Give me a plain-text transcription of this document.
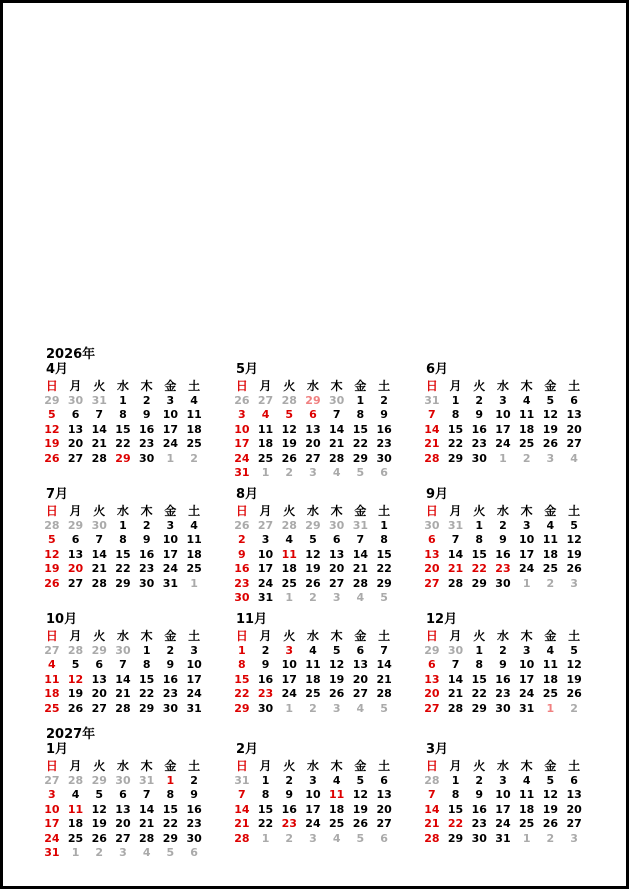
2026年
4月
日	月	火	水	木	金	土
29	30	31	1	2	3	4
5	6	7	8	9	10	11
12	13	14	15	16	17	18
19	20	21	22	23	24	25
26	27	28	29	30	1	2
5月
日	月	火	水	木	金	土
26	27	28	29	30	1	2
3	4	5	6	7	8	9
10	11	12	13	14	15	16
17	18	19	20	21	22	23
24	25	26	27	28	29	30
31	1	2	3	4	5	6
6月
日	月	火	水	木	金	土
31	1	2	3	4	5	6
7	8	9	10	11	12	13
14	15	16	17	18	19	20
21	22	23	24	25	26	27
28	29	30	1	2	3	4
7月
日	月	火	水	木	金	土
28	29	30	1	2	3	4
5	6	7	8	9	10	11
12	13	14	15	16	17	18
19	20	21	22	23	24	25
26	27	28	29	30	31	1
8月
日	月	火	水	木	金	土
26	27	28	29	30	31	1
2	3	4	5	6	7	8
9	10	11	12	13	14	15
16	17	18	19	20	21	22
23	24	25	26	27	28	29
30	31	1	2	3	4	5
9月
日	月	火	水	木	金	土
30	31	1	2	3	4	5
6	7	8	9	10	11	12
13	14	15	16	17	18	19
20	21	22	23	24	25	26
27	28	29	30	1	2	3
10月
日	月	火	水	木	金	土
27	28	29	30	1	2	3
4	5	6	7	8	9	10
11	12	13	14	15	16	17
18	19	20	21	22	23	24
25	26	27	28	29	30	31
11月
日	月	火	水	木	金	土
1	2	3	4	5	6	7
8	9	10	11	12	13	14
15	16	17	18	19	20	21
22	23	24	25	26	27	28
29	30	1	2	3	4	5
12月
日	月	火	水	木	金	土
29	30	1	2	3	4	5
6	7	8	9	10	11	12
13	14	15	16	17	18	19
20	21	22	23	24	25	26
27	28	29	30	31	1	2
2027年
1月
日	月	火	水	木	金	土
27	28	29	30	31	1	2
3	4	5	6	7	8	9
10	11	12	13	14	15	16
17	18	19	20	21	22	23
24	25	26	27	28	29	30
31	1	2	3	4	5	6
2月
日	月	火	水	木	金	土
31	1	2	3	4	5	6
7	8	9	10	11	12	13
14	15	16	17	18	19	20
21	22	23	24	25	26	27
28	1	2	3	4	5	6
3月
日	月	火	水	木	金	土
28	1	2	3	4	5	6
7	8	9	10	11	12	13
14	15	16	17	18	19	20
21	22	23	24	25	26	27
28	29	30	31	1	2	3
